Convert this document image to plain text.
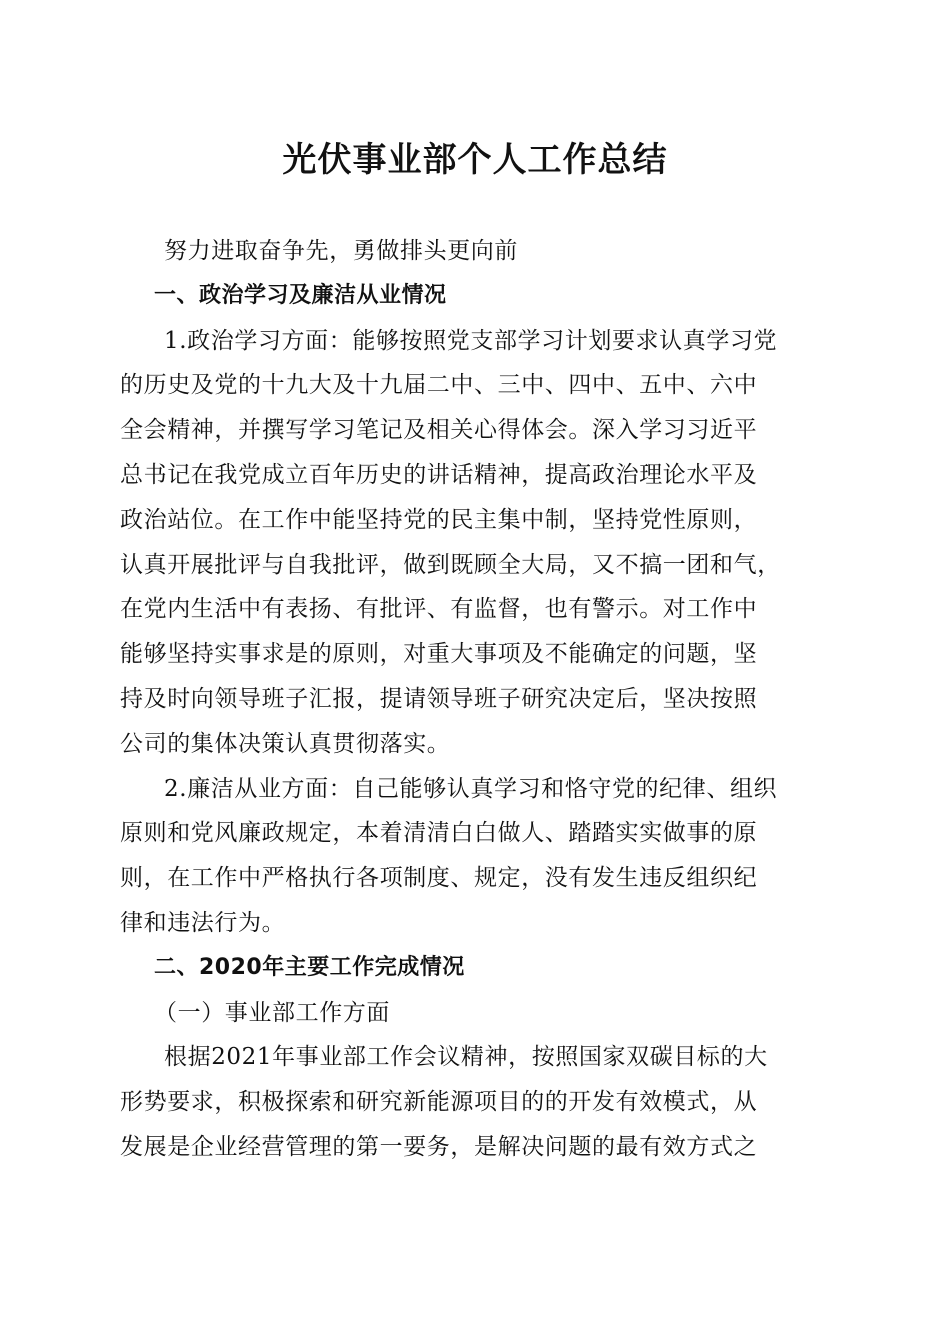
光伏事业部个人工作总结
努力进取奋争先，勇做排头更向前
一、政治学习及廉洁从业情况
1.政治学习方面：能够按照党支部学习计划要求认真学习党
的历史及党的十九大及十九届二中、三中、四中、五中、六中
全会精神，并撰写学习笔记及相关心得体会。深入学习习近平
总书记在我党成立百年历史的讲话精神，提高政治理论水平及
政治站位。在工作中能坚持党的民主集中制，坚持党性原则，
认真开展批评与自我批评，做到既顾全大局，又不搞一团和气，
在党内生活中有表扬、有批评、有监督，也有警示。对工作中
能够坚持实事求是的原则，对重大事项及不能确定的问题，坚
持及时向领导班子汇报，提请领导班子研究决定后，坚决按照
公司的集体决策认真贯彻落实。
2.廉洁从业方面：自己能够认真学习和恪守党的纪律、组织
原则和党风廉政规定，本着清清白白做人、踏踏实实做事的原
则，在工作中严格执行各项制度、规定，没有发生违反组织纪
律和违法行为。
二、2020年主要工作完成情况
（一）事业部工作方面
根据2021年事业部工作会议精神，按照国家双碳目标的大
形势要求，积极探索和研究新能源项目的的开发有效模式，从
发展是企业经营管理的第一要务，是解决问题的最有效方式之
